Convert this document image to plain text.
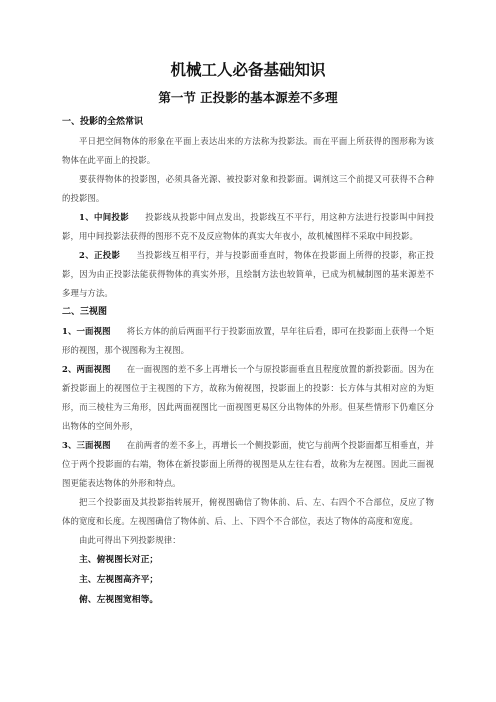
机械工人必备基础知识
第一节 正投影的基本源差不多理

一、投影的全然常识

平日把空间物体的形象在平面上表达出来的方法称为投影法。而在平面上所获得的图形称为该物体在此平面上的投影。

要获得物体的投影图，必须具备光源、被投影对象和投影面。调剂这三个前提又可获得不合种的投影图。

1、中间投影 投影线从投影中间点发出，投影线互不平行，用这种方法进行投影叫中间投影，用中间投影法获得的图形不克不及反应物体的真实大年夜小，故机械图样不采取中间投影。

2、正投影 当投影线互相平行，并与投影面垂直时，物体在投影面上所得的投影，称正投影，因为由正投影法能获得物体的真实外形，且绘制方法也较简单，已成为机械制图的基来源差不多理与方法。

二、三视图

1、一面视图 将长方体的前后两面平行于投影面放置，早年往后看，即可在投影面上获得一个矩形的视图，那个视图称为主视图。

2、两面视图 在一面视图的差不多上再增长一个与原投影面垂直且程度放置的新投影面。因为在新投影面上的视图位于主视图的下方，故称为俯视图，投影面上的投影：长方体与其相对应的为矩形，而三棱柱为三角形，因此两面视图比一面视图更易区分出物体的外形。但某些情形下仍难区分出物体的空间外形，

3、三面视图 在前两者的差不多上，再增长一个侧投影面，使它与前两个投影面都互相垂直，并位于两个投影面的右端，物体在新投影面上所得的视图是从左往右看，故称为左视图。因此三面视图更能表达物体的外形和特点。

把三个投影面及其投影指转展开，俯视图确信了物体前、后、左、右四个不合部位，反应了物体的宽度和长度。左视图确信了物体前、后、上、下四个不合部位，表达了物体的高度和宽度。

由此可得出下列投影规律：

主、俯视图长对正；

主、左视图高齐平；

俯、左视图宽相等。
